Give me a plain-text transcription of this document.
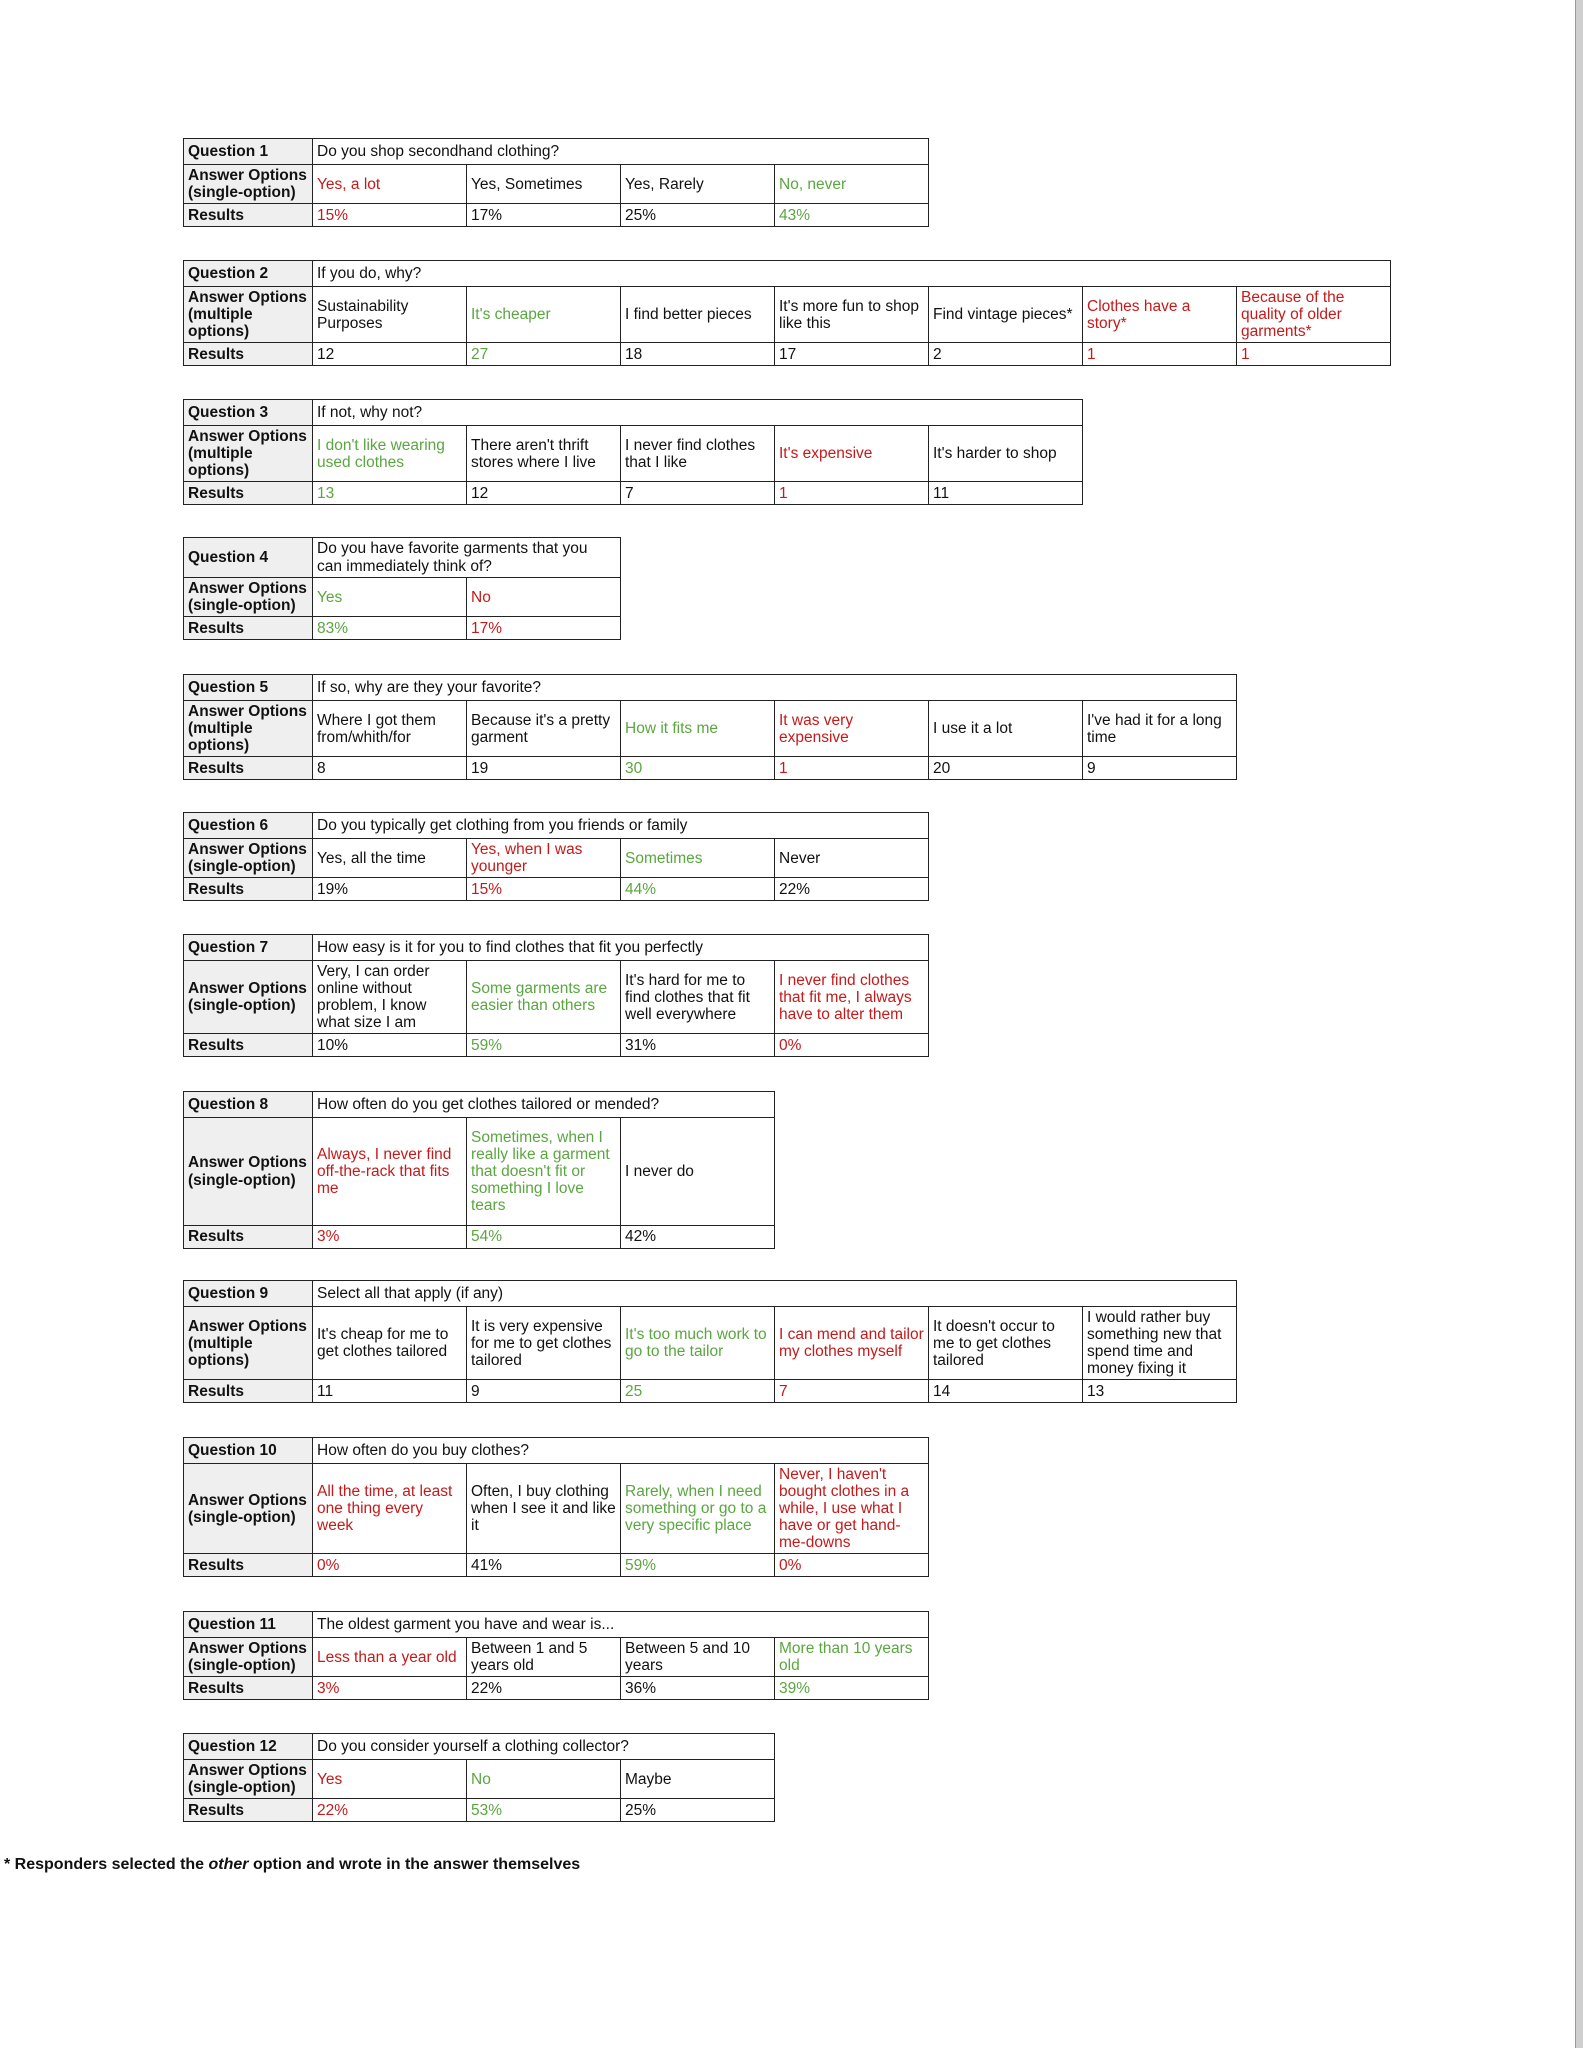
Question 1	Do you shop secondhand clothing?			
Answer Options (single-option)	Yes, a lot	Yes, Sometimes	Yes, Rarely	No, never
Results	15%	17%	25%	43%
Question 2	If you do, why?						
Answer Options (multiple options)	Sustainability Purposes	It's cheaper	I find better pieces	It's more fun to shop like this	Find vintage pieces*	Clothes have a story*	Because of the quality of older garments*
Results	12	27	18	17	2	1	1
Question 3	If not, why not?				
Answer Options (multiple options)	I don't like wearing used clothes	There aren't thrift stores where I live	I never find clothes that I like	It's expensive	It's harder to shop
Results	13	12	7	1	11
Question 4	Do you have favorite garments that you can immediately think of?	
Answer Options (single-option)	Yes	No
Results	83%	17%
Question 5	If so, why are they your favorite?					
Answer Options (multiple options)	Where I got them from/whith/for	Because it's a pretty garment	How it fits me	It was very expensive	I use it a lot	I've had it for a long time
Results	8	19	30	1	20	9
Question 6	Do you typically get clothing from you friends or family			
Answer Options (single-option)	Yes, all the time	Yes, when I was younger	Sometimes	Never
Results	19%	15%	44%	22%
Question 7	How easy is it for you to find clothes that fit you perfectly			
Answer Options (single-option)	Very, I can order online without problem, I know what size I am	Some garments are easier than others	It's hard for me to find clothes that fit well everywhere	I never find clothes that fit me, I always have to alter them
Results	10%	59%	31%	0%
Question 8	How often do you get clothes tailored or mended?		
Answer Options (single-option)	Always, I never find off-the-rack that fits me	Sometimes, when I really like a garment that doesn't fit or something I love tears	I never do
Results	3%	54%	42%
Question 9	Select all that apply (if any)					
Answer Options (multiple options)	It's cheap for me to get clothes tailored	It is very expensive for me to get clothes tailored	It's too much work to go to the tailor	I can mend and tailor my clothes myself	It doesn't occur to me to get clothes tailored	I would rather buy something new that spend time and money fixing it
Results	11	9	25	7	14	13
Question 10	How often do you buy clothes?			
Answer Options (single-option)	All the time, at least one thing every week	Often, I buy clothing when I see it and like it	Rarely, when I need something or go to a very specific place	Never, I haven't bought clothes in a while, I use what I have or get hand-me-downs
Results	0%	41%	59%	0%
Question 11	The oldest garment you have and wear is...			
Answer Options (single-option)	Less than a year old	Between 1 and 5 years old	Between 5 and 10 years	More than 10 years old
Results	3%	22%	36%	39%
Question 12	Do you consider yourself a clothing collector?		
Answer Options (single-option)	Yes	No	Maybe
Results	22%	53%	25%
* Responders selected the other option and wrote in the answer themselves
